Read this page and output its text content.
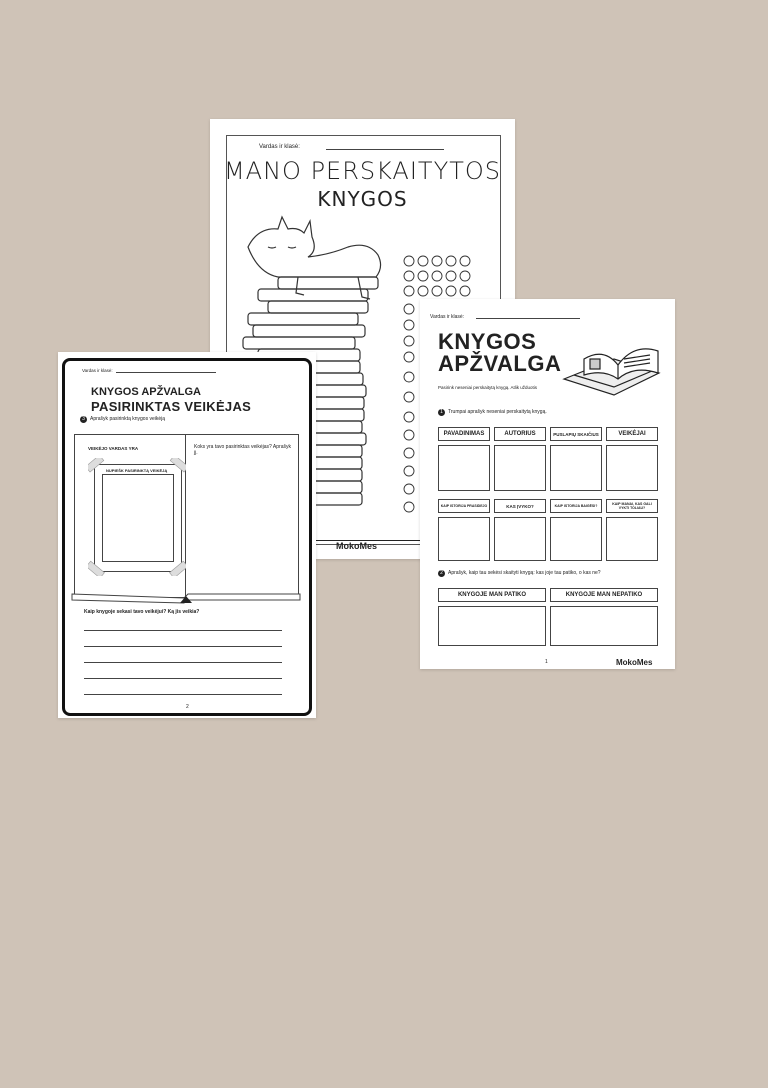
Vardas ir klasė:
MANO PERSKAITYTOS
KNYGOS
MokoMes
Vardas ir klasė:
KNYGOS
APŽVALGA
Pasirink neseniai perskaitytą knygą. Atlik užduotis
1 Trumpai aprašyk neseniai perskaitytą knygą.
PAVADINIMAS	AUTORIUS	PUSLAPIŲ SKAIČIUS	VEIKĖJAI
KAIP ISTORIJA PRASIDEJO	KAS ĮVYKO?	KAIP ISTORIJA BAIGĖSI?	KAIP MANAI, KAS GALI VYKTI TOLIAU?
2 Aprašyk, kaip tau sekėsi skaityti knygą: kas joje tau patiko, o kas ne?
KNYGOJE MAN PATIKO	KNYGOJE MAN NEPATIKO
1	MokoMes
Vardas ir klasė:
KNYGOS APŽVALGA
PASIRINKTAS VEIKĖJAS
3 Aprašyk pasirinktą knygos veikėją
VEIKĖJO VARDAS YRA
NUPIEŠK PASIRINKTĄ VEIKĖJĄ
Koks yra tavo pasirinktas veikėjas? Aprašyk jį.
Kaip knygoje sekasi tavo veikėjui? Ką jis veikia?
2
